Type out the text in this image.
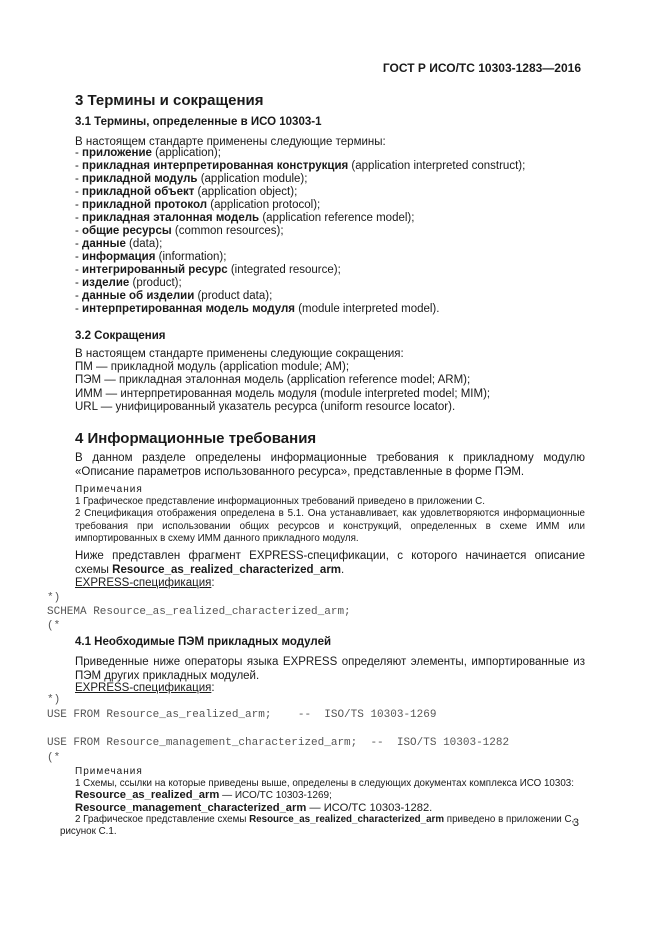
ГОСТ Р ИСО/ТС 10303-1283—2016
3 Термины и сокращения
3.1 Термины, определенные в ИСО 10303-1
В настоящем стандарте применены следующие термины:
- приложение (application);
- прикладная интерпретированная конструкция (application interpreted construct);
- прикладной модуль (application module);
- прикладной объект (application object);
- прикладной протокол (application protocol);
- прикладная эталонная модель (application reference model);
- общие ресурсы (common resources);
- данные (data);
- информация (information);
- интегрированный ресурс (integrated resource);
- изделие (product);
- данные об изделии (product data);
- интерпретированная модель модуля (module interpreted model).
3.2 Сокращения
В настоящем стандарте применены следующие сокращения:
ПМ — прикладной модуль (application module; AM);
ПЭМ — прикладная эталонная модель (application reference model; ARM);
ИММ — интерпретированная модель модуля (module interpreted model; MIM);
URL — унифицированный указатель ресурса (uniform resource locator).
4 Информационные требования
В данном разделе определены информационные требования к прикладному модулю «Описание параметров использованного ресурса», представленные в форме ПЭМ.
Примечания
1 Графическое представление информационных требований приведено в приложении С.
2 Спецификация отображения определена в 5.1. Она устанавливает, как удовлетворяются информационные требования при использовании общих ресурсов и конструкций, определенных в схеме ИММ или импортированных в схему ИММ данного прикладного модуля.
Ниже представлен фрагмент EXPRESS-спецификации, с которого начинается описание схемы Resource_as_realized_characterized_arm.
EXPRESS-спецификация:
*)
SCHEMA Resource_as_realized_characterized_arm;
(*
4.1 Необходимые ПЭМ прикладных модулей
Приведенные ниже операторы языка EXPRESS определяют элементы, импортированные из ПЭМ других прикладных модулей.
EXPRESS-спецификация:
*)
USE FROM Resource_as_realized_arm;    --  ISO/TS 10303-1269
USE FROM Resource_management_characterized_arm;  --  ISO/TS 10303-1282
(*
Примечания
1 Схемы, ссылки на которые приведены выше, определены в следующих документах комплекса ИСО 10303:
Resource_as_realized_arm — ИСО/ТС 10303-1269;
Resource_management_characterized_arm — ИСО/ТС 10303-1282.
2 Графическое представление схемы Resource_as_realized_characterized_arm приведено в приложении С,
рисунок С.1.
3
